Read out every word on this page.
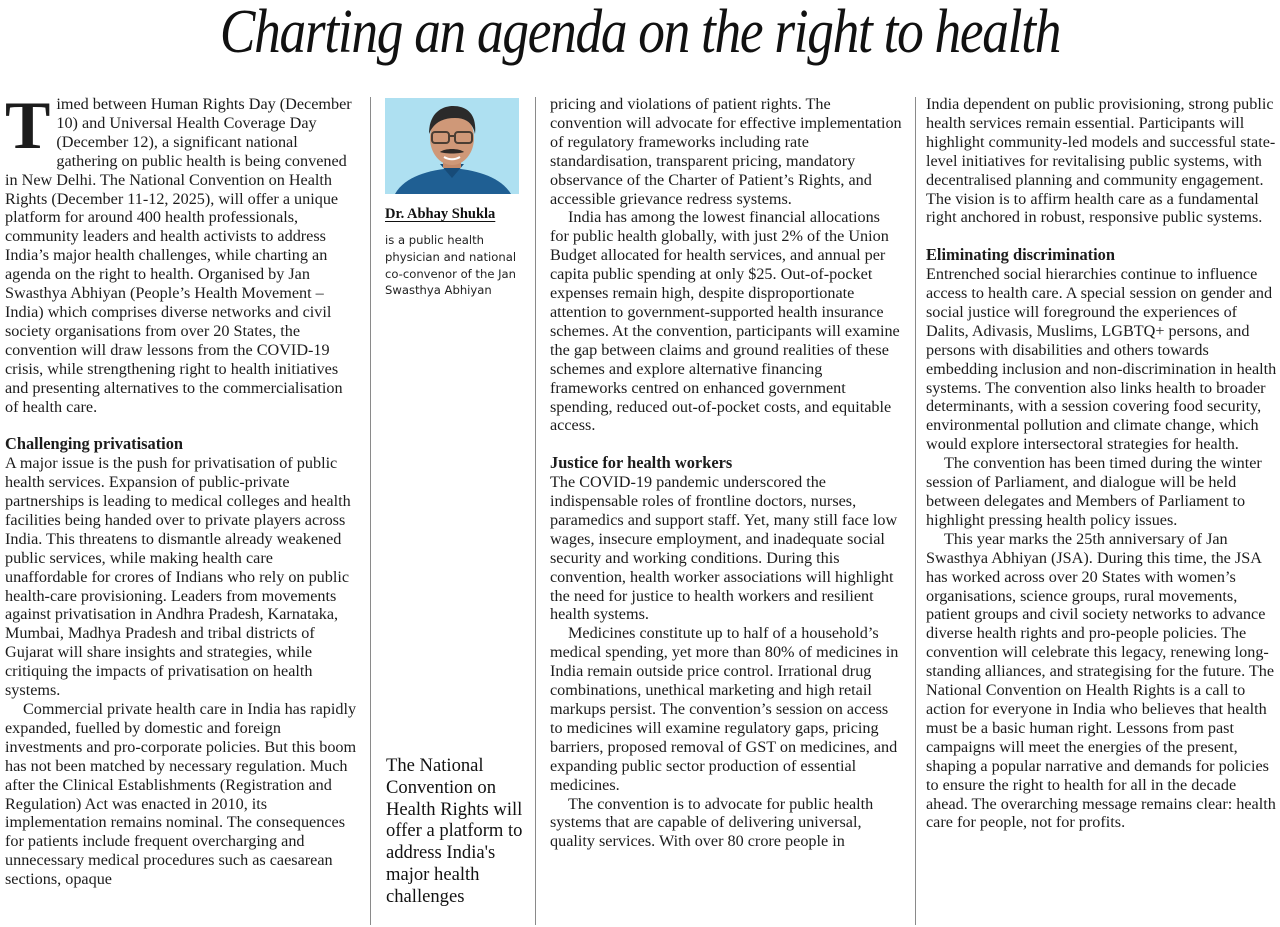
Charting an agenda on the right to health

Timed between Human Rights Day (December 10) and Universal Health Coverage Day (December 12), a significant national gathering on public health is being convened in New Delhi. The National Convention on Health Rights (December 11-12, 2025), will offer a unique platform for around 400 health professionals, community leaders and health activists to address India’s major health challenges, while charting an agenda on the right to health. Organised by Jan Swasthya Abhiyan (People’s Health Movement – India) which comprises diverse networks and civil society organisations from over 20 States, the convention will draw lessons from the COVID-19 crisis, while strengthening right to health initiatives and presenting alternatives to the commercialisation of health care.

Challenging privatisation

A major issue is the push for privatisation of public health services. Expansion of public-private partnerships is leading to medical colleges and health facilities being handed over to private players across India. This threatens to dismantle already weakened public services, while making health care unaffordable for crores of Indians who rely on public health-care provisioning. Leaders from movements against privatisation in Andhra Pradesh, Karnataka, Mumbai, Madhya Pradesh and tribal districts of Gujarat will share insights and strategies, while critiquing the impacts of privatisation on health systems.

Commercial private health care in India has rapidly expanded, fuelled by domestic and foreign investments and pro-corporate policies. But this boom has not been matched by necessary regulation. Much after the Clinical Establishments (Registration and Regulation) Act was enacted in 2010, its implementation remains nominal. The consequences for patients include frequent overcharging and unnecessary medical procedures such as caesarean sections, opaque

Dr. Abhay Shukla
is a public health physician and national co-convenor of the Jan Swasthya Abhiyan
The National Convention on Health Rights will offer a platform to address India's major health challenges

pricing and violations of patient rights. The convention will advocate for effective implementation of regulatory frameworks including rate standardisation, transparent pricing, mandatory observance of the Charter of Patient’s Rights, and accessible grievance redress systems.

India has among the lowest financial allocations for public health globally, with just 2% of the Union Budget allocated for health services, and annual per capita public spending at only $25. Out-of-pocket expenses remain high, despite disproportionate attention to government-supported health insurance schemes. At the convention, participants will examine the gap between claims and ground realities of these schemes and explore alternative financing frameworks centred on enhanced government spending, reduced out-of-pocket costs, and equitable access.

Justice for health workers

The COVID-19 pandemic underscored the indispensable roles of frontline doctors, nurses, paramedics and support staff. Yet, many still face low wages, insecure employment, and inadequate social security and working conditions. During this convention, health worker associations will highlight the need for justice to health workers and resilient health systems.

Medicines constitute up to half of a household’s medical spending, yet more than 80% of medicines in India remain outside price control. Irrational drug combinations, unethical marketing and high retail markups persist. The convention’s session on access to medicines will examine regulatory gaps, pricing barriers, proposed removal of GST on medicines, and expanding public sector production of essential medicines.

The convention is to advocate for public health systems that are capable of delivering universal, quality services. With over 80 crore people in

India dependent on public provisioning, strong public health services remain essential. Participants will highlight community-led models and successful state-level initiatives for revitalising public systems, with decentralised planning and community engagement. The vision is to affirm health care as a fundamental right anchored in robust, responsive public systems.

Eliminating discrimination

Entrenched social hierarchies continue to influence access to health care. A special session on gender and social justice will foreground the experiences of Dalits, Adivasis, Muslims, LGBTQ+ persons, and persons with disabilities and others towards embedding inclusion and non-discrimination in health systems. The convention also links health to broader determinants, with a session covering food security, environmental pollution and climate change, which would explore intersectoral strategies for health.

The convention has been timed during the winter session of Parliament, and dialogue will be held between delegates and Members of Parliament to highlight pressing health policy issues.

This year marks the 25th anniversary of Jan Swasthya Abhiyan (JSA). During this time, the JSA has worked across over 20 States with women’s organisations, science groups, rural movements, patient groups and civil society networks to advance diverse health rights and pro-people policies. The convention will celebrate this legacy, renewing long-standing alliances, and strategising for the future. The National Convention on Health Rights is a call to action for everyone in India who believes that health must be a basic human right. Lessons from past campaigns will meet the energies of the present, shaping a popular narrative and demands for policies to ensure the right to health for all in the decade ahead. The overarching message remains clear: health care for people, not for profits.
